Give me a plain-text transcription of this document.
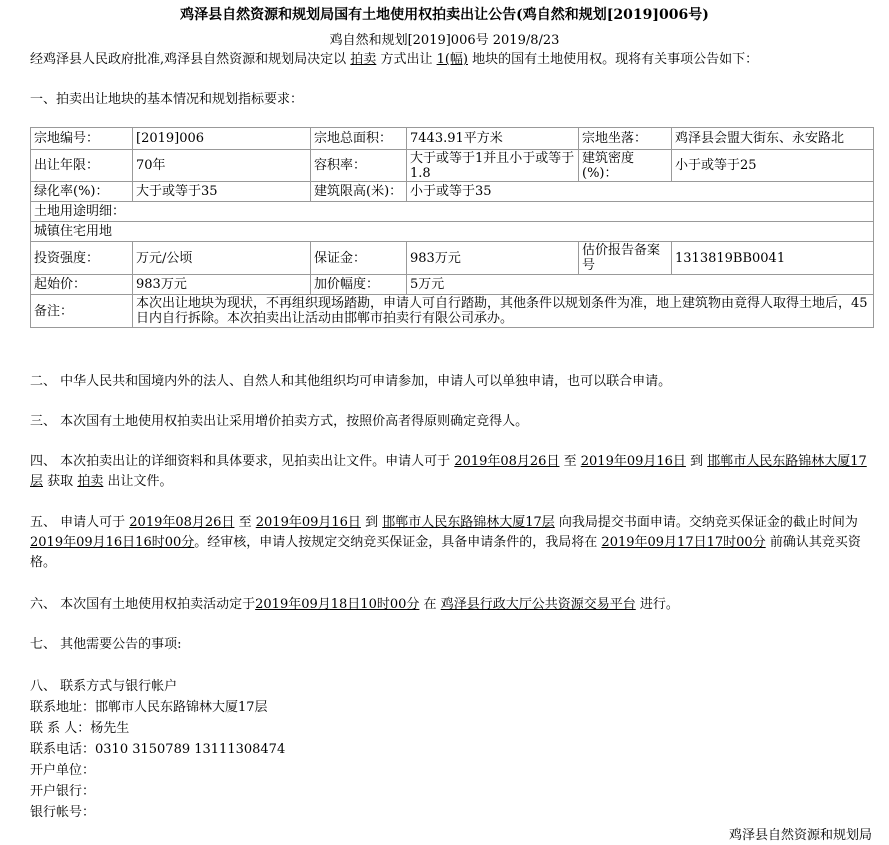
鸡泽县自然资源和规划局国有土地使用权拍卖出让公告(鸡自然和规划[2019]006号)
鸡自然和规划[2019]006号 2019/8/23
经鸡泽县人民政府批准,鸡泽县自然资源和规划局决定以 拍卖 方式出让 1(幅) 地块的国有土地使用权。现将有关事项公告如下：
一、拍卖出让地块的基本情况和规划指标要求：
宗地编号：	[2019]006	宗地总面积：	7443.91平方米	宗地坐落：	鸡泽县会盟大街东、永安路北
出让年限：	70年	容积率：	大于或等于1并且小于或等于1.8	建筑密度(%)：	小于或等于25
绿化率(%)：	大于或等于35	建筑限高(米)：	小于或等于35		
土地用途明细：					
城镇住宅用地					
投资强度：	万元/公顷	保证金：	983万元	估价报告备案号	1313819BB0041
起始价：	983万元	加价幅度：	5万元		
备注：	本次出让地块为现状，不再组织现场踏勘，申请人可自行踏勘，其他条件以规划条件为准，地上建筑物由竟得人取得土地后，45日内自行拆除。本次拍卖出让活动由邯郸市拍卖行有限公司承办。				
二、 中华人民共和国境内外的法人、自然人和其他组织均可申请参加，申请人可以单独申请，也可以联合申请。
三、 本次国有土地使用权拍卖出让采用增价拍卖方式，按照价高者得原则确定竞得人。
四、 本次拍卖出让的详细资料和具体要求，见拍卖出让文件。申请人可于 2019年08月26日 至 2019年09月16日 到 邯郸市人民东路锦林大厦17层 获取 拍卖 出让文件。
五、 申请人可于 2019年08月26日 至 2019年09月16日 到 邯郸市人民东路锦林大厦17层 向我局提交书面申请。交纳竞买保证金的截止时间为2019年09月16日16时00分。经审核，申请人按规定交纳竞买保证金，具备申请条件的，我局将在 2019年09月17日17时00分 前确认其竞买资格。
六、 本次国有土地使用权拍卖活动定于2019年09月18日10时00分 在 鸡泽县行政大厅公共资源交易平台 进行。
七、 其他需要公告的事项:
八、 联系方式与银行帐户
联系地址：邯郸市人民东路锦林大厦17层
联 系 人：杨先生
联系电话：0310 3150789 13111308474
开户单位：
开户银行：
银行帐号：
鸡泽县自然资源和规划局
